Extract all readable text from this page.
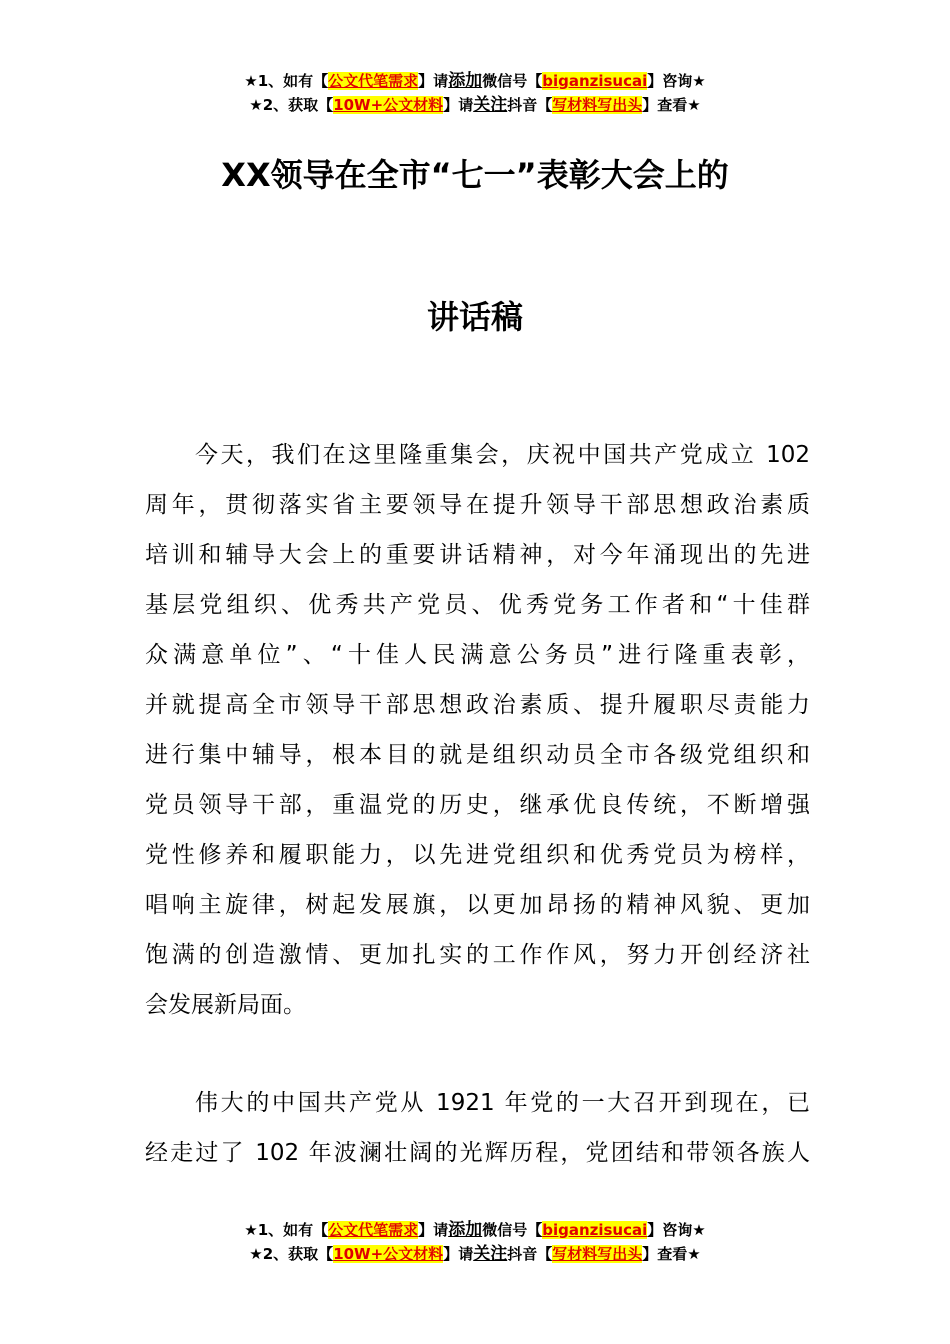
★1、如有【公文代笔需求】请添加微信号【biganzisucai】咨询★
★2、获取【10W+公文材料】请关注抖音【写材料写出头】查看★
XX领导在全市“七一”表彰大会上的
讲话稿
今天，我们在这里隆重集会，庆祝中国共产党成立 102
周年，贯彻落实省主要领导在提升领导干部思想政治素质
培训和辅导大会上的重要讲话精神，对今年涌现出的先进
基层党组织、优秀共产党员、优秀党务工作者和“十佳群
众满意单位”、“十佳人民满意公务员”进行隆重表彰，
并就提高全市领导干部思想政治素质、提升履职尽责能力
进行集中辅导，根本目的就是组织动员全市各级党组织和
党员领导干部，重温党的历史，继承优良传统，不断增强
党性修养和履职能力，以先进党组织和优秀党员为榜样，
唱响主旋律，树起发展旗，以更加昂扬的精神风貌、更加
饱满的创造激情、更加扎实的工作作风，努力开创经济社
会发展新局面。
伟大的中国共产党从 1921 年党的一大召开到现在，已
经走过了 102 年波澜壮阔的光辉历程，党团结和带领各族人
★1、如有【公文代笔需求】请添加微信号【biganzisucai】咨询★
★2、获取【10W+公文材料】请关注抖音【写材料写出头】查看★
